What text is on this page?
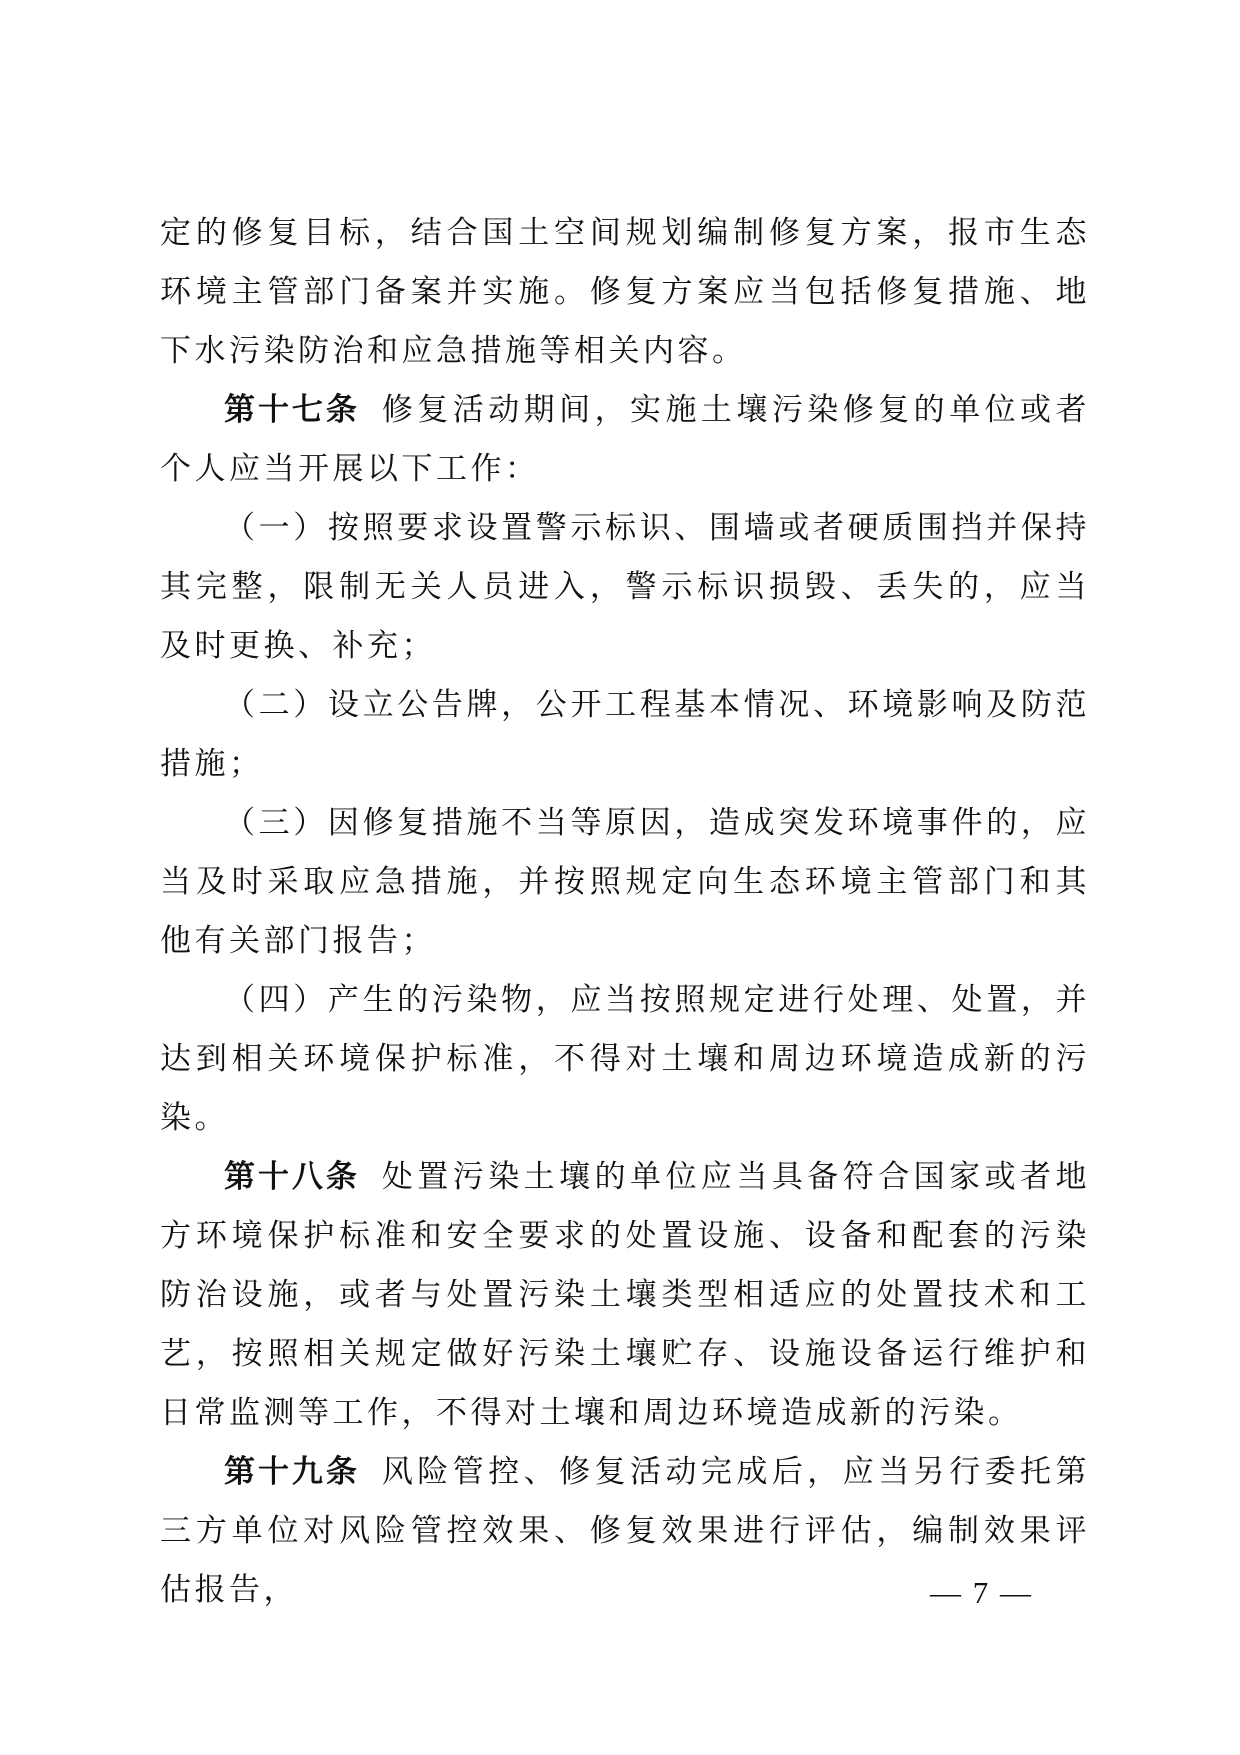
定的修复目标，结合国土空间规划编制修复方案，报市生态环境主管部门备案并实施。修复方案应当包括修复措施、地下水污染防治和应急措施等相关内容。

第十七条 修复活动期间，实施土壤污染修复的单位或者个人应当开展以下工作：

（一）按照要求设置警示标识、围墙或者硬质围挡并保持其完整，限制无关人员进入，警示标识损毁、丢失的，应当及时更换、补充；

（二）设立公告牌，公开工程基本情况、环境影响及防范措施；

（三）因修复措施不当等原因，造成突发环境事件的，应当及时采取应急措施，并按照规定向生态环境主管部门和其他有关部门报告；

（四）产生的污染物，应当按照规定进行处理、处置，并达到相关环境保护标准，不得对土壤和周边环境造成新的污染。

第十八条 处置污染土壤的单位应当具备符合国家或者地方环境保护标准和安全要求的处置设施、设备和配套的污染防治设施，或者与处置污染土壤类型相适应的处置技术和工艺，按照相关规定做好污染土壤贮存、设施设备运行维护和日常监测等工作，不得对土壤和周边环境造成新的污染。

第十九条 风险管控、修复活动完成后，应当另行委托第三方单位对风险管控效果、修复效果进行评估，编制效果评估报告，	— 7 —
